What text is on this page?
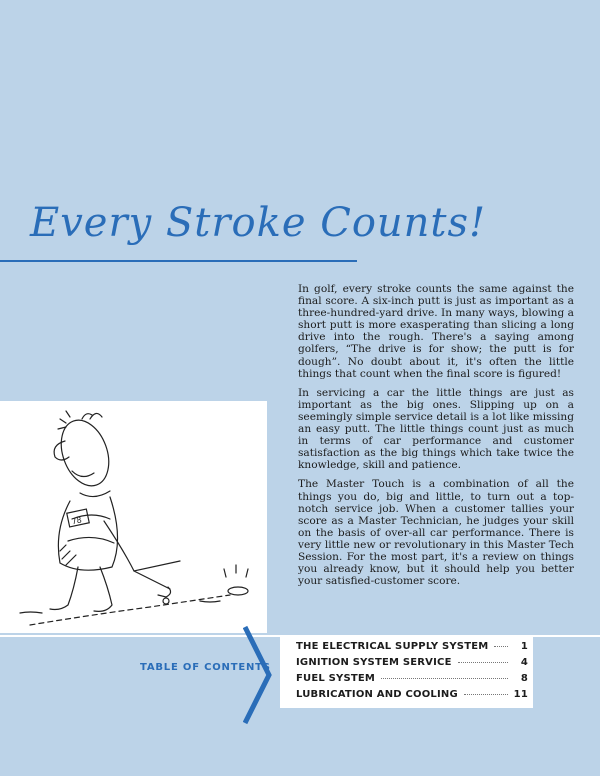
Every Stroke Counts!

In golf, every stroke counts the same against the final score. A six-inch putt is just as important as a three-hundred-yard drive. In many ways, blowing a short putt is more exasperating than slicing a long drive into the rough. There's a saying among golfers, “The drive is for show; the putt is for dough”. No doubt about it, it's often the little things that count when the final score is figured!

In servicing a car the little things are just as important as the big ones. Slipping up on a seemingly simple service detail is a lot like missing an easy putt. The little things count just as much in terms of car performance and customer satisfaction as the big things which take twice the knowledge, skill and patience.

The Master Touch is a combination of all the things you do, big and little, to turn out a top-notch service job. When a customer tallies your score as a Master Technician, he judges your skill on the basis of over-all car performance. There is very little new or revolutionary in this Master Tech Session. For the most part, it's a review on things you already know, but it should help you better your satisfied-customer score.

78
TABLE OF CONTENTS
THE ELECTRICAL SUPPLY SYSTEM	1
IGNITION SYSTEM SERVICE	4
FUEL SYSTEM	8
LUBRICATION AND COOLING	11
